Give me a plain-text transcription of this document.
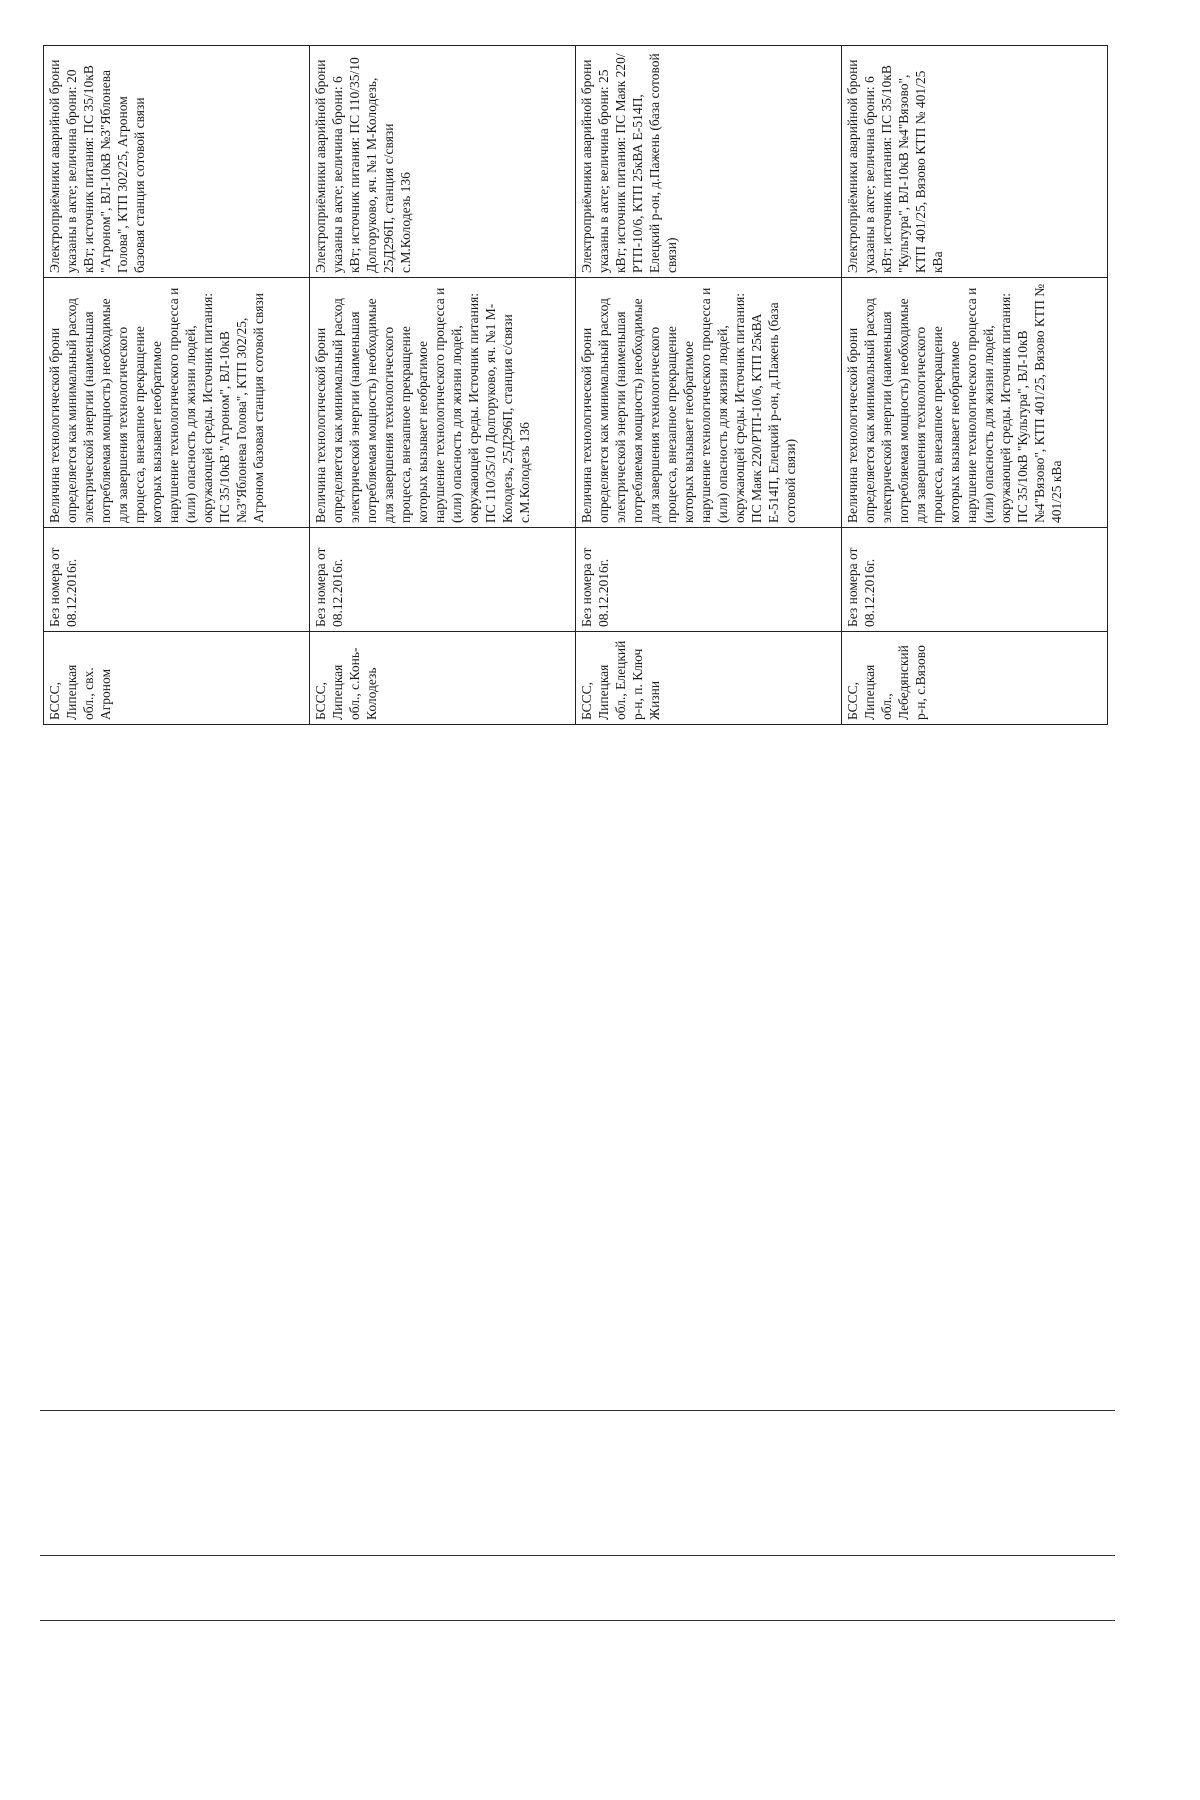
БССС, Липецкая обл., свх. Агроном	Без номера от 08.12.2016г.	Величина технологической брони определяется как минимальный расход электрической энергии (наименьшая потребляемая мощность) необходимые для завершения технологического процесса, внезапное прекращение которых вызывает необратимое нарушение технологического процесса и (или) опасность для жизни людей, окружающей среды. Источник питания: ПС 35/10кВ "Агроном", ВЛ-10кВ №3"Яблонева Голова", КТП 302/25, Агроном базовая станция сотовой связи	Электроприёмники аварийной брони указаны в акте; величина брони: 20 кВт; источник питания: ПС 35/10кВ "Агроном", ВЛ-10кВ №3"Яблонева Голова", КТП 302/25, Агроном базовая станция сотовой связи
БССС, Липецкая обл., с.Конь-Колодезь	Без номера от 08.12.2016г.	Величина технологической брони определяется как минимальный расход электрической энергии (наименьшая потребляемая мощность) необходимые для завершения технологического процесса, внезапное прекращение которых вызывает необратимое нарушение технологического процесса и (или) опасность для жизни людей, окружающей среды. Источник питания: ПС 110/35/10 Долгоруково, яч. №1 М-Колодезь, 25Д296П, станция с/связи с.М.Колодезь 136	Электроприёмники аварийной брони указаны в акте; величина брони: 6 кВт; источник питания: ПС 110/35/10 Долгоруково, яч. №1 М-Колодезь, 25Д296П, станция с/связи с.М.Колодезь 136
БССС, Липецкая обл., Елецкий р-н, п. Ключ Жизни	Без номера от 08.12.2016г.	Величина технологической брони определяется как минимальный расход электрической энергии (наименьшая потребляемая мощность) необходимые для завершения технологического процесса, внезапное прекращение которых вызывает необратимое нарушение технологического процесса и (или) опасность для жизни людей, окружающей среды. Источник питания: ПС Маяк 220/РТП-10/6, КТП 25кВА Е-514П, Елецкий р-он, д.Пажень (база сотовой связи)	Электроприёмники аварийной брони указаны в акте; величина брони: 25 кВт; источник питания: ПС Маяк 220/РТП-10/6, КТП 25кВА Е-514П, Елецкий р-он, д.Пажень (база сотовой связи)
БССС, Липецкая обл., Лебедянский р-н, с.Вязово	Без номера от 08.12.2016г.	Величина технологической брони определяется как минимальный расход электрической энергии (наименьшая потребляемая мощность) необходимые для завершения технологического процесса, внезапное прекращение которых вызывает необратимое нарушение технологического процесса и (или) опасность для жизни людей, окружающей среды. Источник питания: ПС 35/10кВ "Культура", ВЛ-10кВ №4"Вязово", КТП 401/25, Вязово КТП № 401/25 кВа	Электроприёмники аварийной брони указаны в акте; величина брони: 6 кВт; источник питания: ПС 35/10кВ "Культура", ВЛ-10кВ №4"Вязово", КТП 401/25, Вязово КТП № 401/25 кВа
